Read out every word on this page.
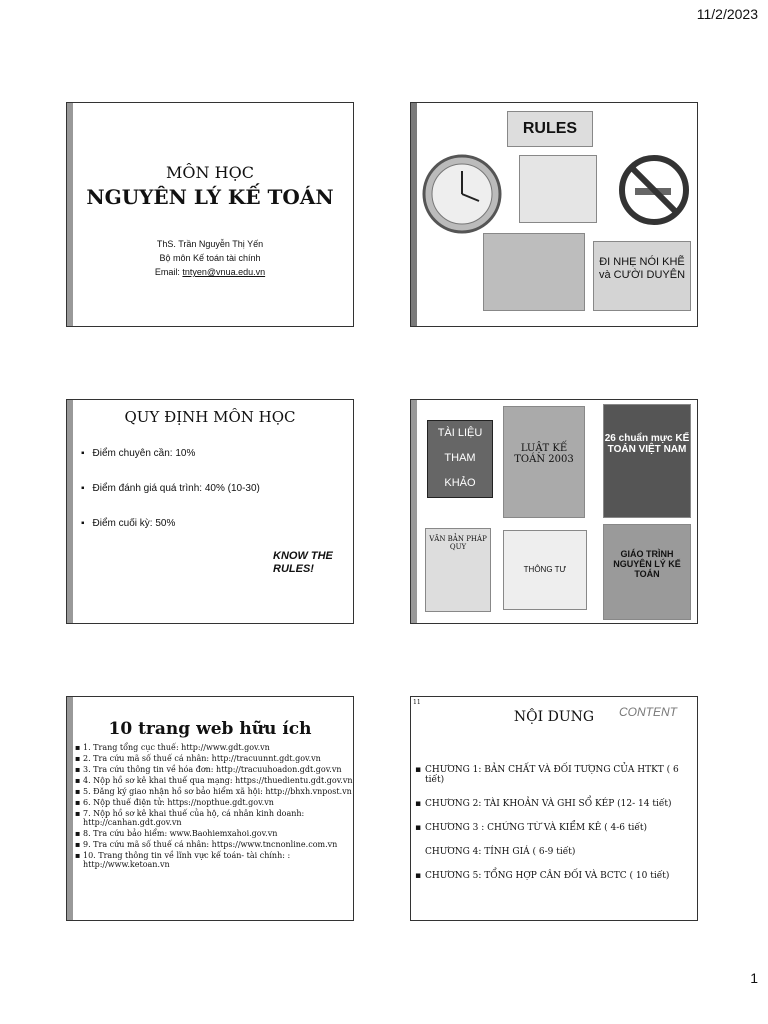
11/2/2023
MÔN HỌC
NGUYÊN LÝ KẾ TOÁN
ThS. Trần Nguyễn Thị Yến
Bộ môn Kế toán tài chính
Email: tntyen@vnua.edu.vn
RULES
ĐI NHẸ NÓI KHẼ và CƯỜI DUYÊN
QUY ĐỊNH MÔN HỌC
▪ Điểm chuyên cần: 10%
▪ Điểm đánh giá quá trình: 40% (10-30)
▪ Điểm cuối kỳ: 50%
KNOW THE RULES!
TÀI LIỆU
THAM
KHẢO
LUẬT KẾ TOÁN 2003
26 chuẩn mực KẾ TOÁN VIỆT NAM
VĂN BẢN PHÁP QUY
THÔNG TƯ
GIÁO TRÌNH NGUYÊN LÝ KẾ TOÁN
10 trang web hữu ích
▪ 1. Trang tổng cục thuế: http://www.gdt.gov.vn
▪ 2. Tra cứu mã số thuế cá nhân: http://tracuunnt.gdt.gov.vn
▪ 3. Tra cứu thông tin về hóa đơn: http://tracuuhoadon.gdt.gov.vn
▪ 4. Nộp hồ sơ kê khai thuế qua mạng: https://thuedientu.gdt.gov.vn
▪ 5. Đăng ký giao nhận hồ sơ bảo hiểm xã hội: http://bhxh.vnpost.vn
▪ 6. Nộp thuế điện tử: https://nopthue.gdt.gov.vn
▪ 7. Nộp hồ sơ kê khai thuế của hộ, cá nhân kinh doanh: http://canhan.gdt.gov.vn
▪ 8. Tra cứu bảo hiểm: www.Baohiemxahoi.gov.vn
▪ 9. Tra cứu mã số thuế cá nhân: https://www.tncnonline.com.vn
▪ 10. Trang thông tin về lĩnh vực kế toán- tài chính: : http://www.ketoan.vn
11
NỘI DUNG	CONTENT
▪ CHƯƠNG 1: BẢN CHẤT VÀ ĐỐI TƯỢNG CỦA HTKT ( 6 tiết)
▪ CHƯƠNG 2: TÀI KHOẢN VÀ GHI SỔ KÉP (12- 14 tiết)
▪ CHƯƠNG 3 : CHỨNG TỪ VÀ KIỂM KÊ ( 4-6 tiết)
CHƯƠNG 4: TÍNH GIÁ ( 6-9 tiết)
▪ CHƯƠNG 5: TỔNG HỢP CÂN ĐỐI VÀ BCTC ( 10 tiết)
1
